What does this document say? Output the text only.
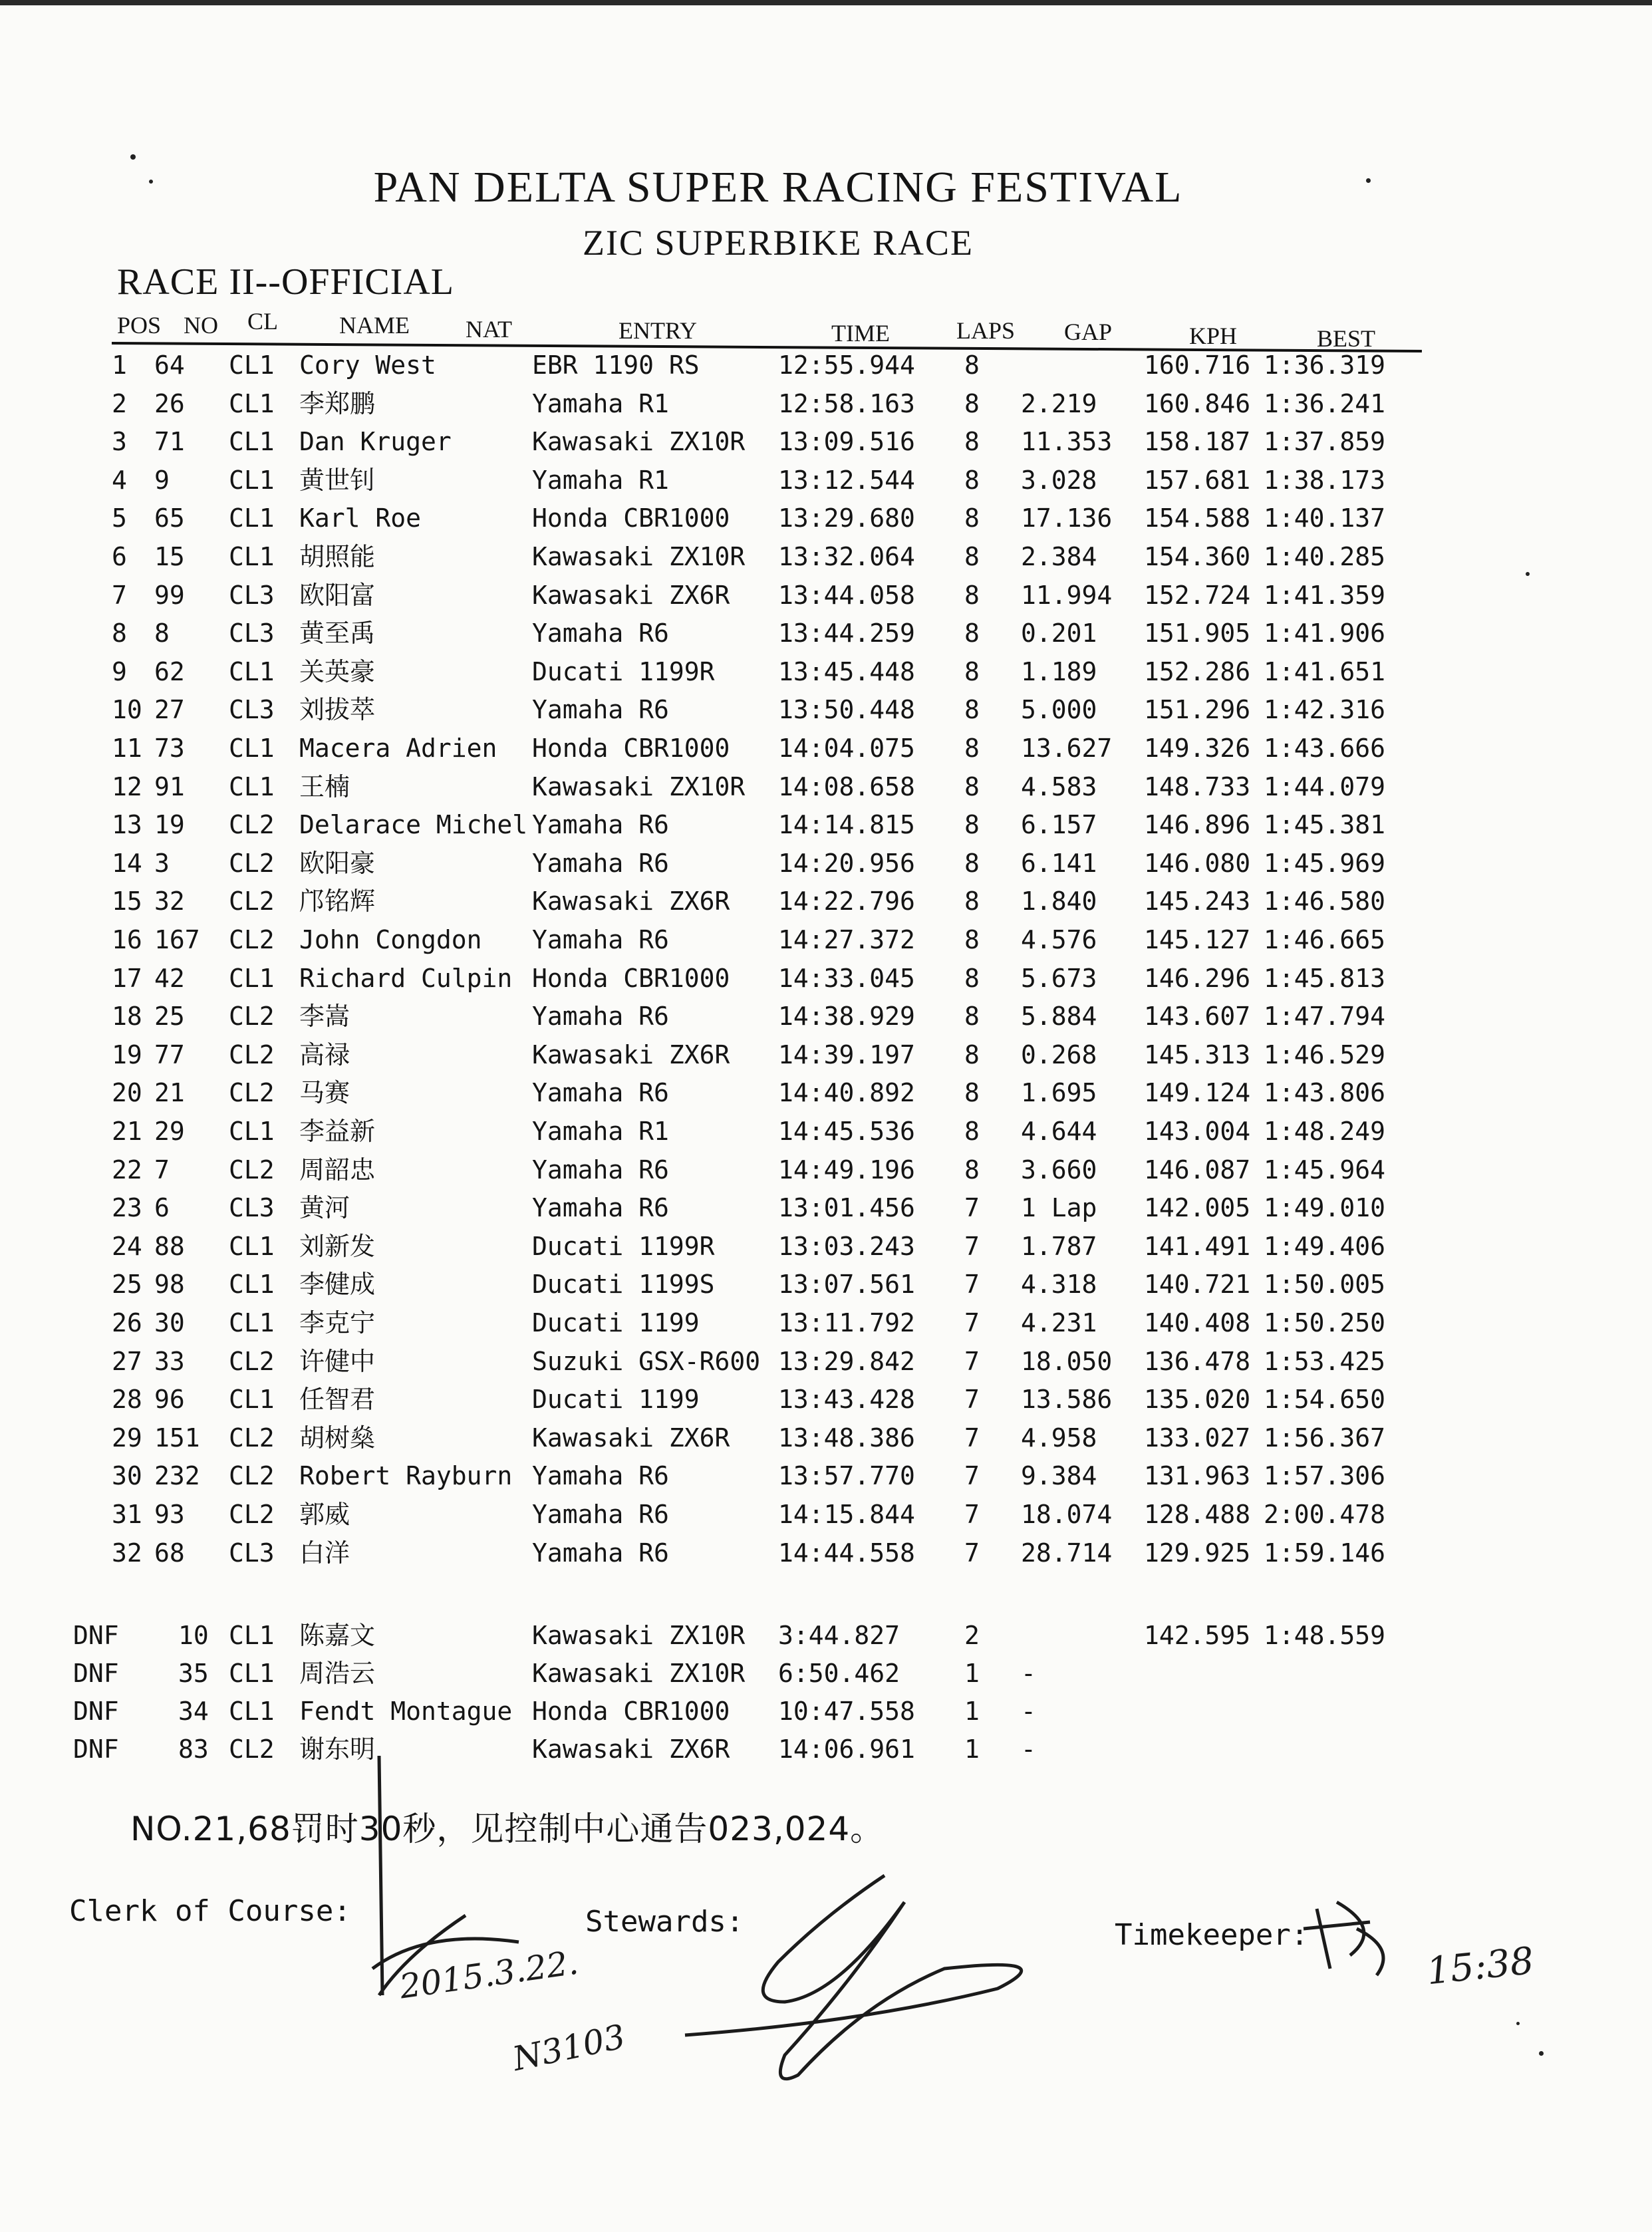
PAN DELTA SUPER RACING FESTIVAL
ZIC SUPERBIKE RACE
RACE II--OFFICIAL
POS NO CL	NAME NAT	ENTRY	TIME	LAPS GAP	KPH	BEST
1 64 CL1 Cory West	EBR 1190 RS	12:55.944 8	160.716 1:36.319
2 26 CL1 李郑鹏	Yamaha R1	12:58.163 8 2.219 160.846 1:36.241
3 71 CL1 Dan Kruger	Kawasaki ZX10R 13:09.516 8 11.353 158.187 1:37.859
4 9 CL1 黄世钊	Yamaha R1	13:12.544 8 3.028 157.681 1:38.173
5 65 CL1 Karl Roe	Honda CBR1000 13:29.680 8 17.136 154.588 1:40.137
6 15 CL1 胡照能	Kawasaki ZX10R 13:32.064 8 2.384 154.360 1:40.285
7 99 CL3 欧阳富	Kawasaki ZX6R 13:44.058 8 11.994 152.724 1:41.359
8 8 CL3 黄至禹	Yamaha R6	13:44.259 8 0.201 151.905 1:41.906
9 62 CL1 关英豪	Ducati 1199R	13:45.448 8 1.189 152.286 1:41.651
10 27 CL3 刘拔萃	Yamaha R6	13:50.448 8 5.000 151.296 1:42.316
11 73 CL1 Macera Adrien Honda CBR1000 14:04.075 8 13.627 149.326 1:43.666
12 91 CL1 王楠	Kawasaki ZX10R 14:08.658 8 4.583 148.733 1:44.079
13 19 CL2 Delarace Michel Yamaha R6	14:14.815 8 6.157 146.896 1:45.381
14 3 CL2 欧阳豪	Yamaha R6	14:20.956 8 6.141 146.080 1:45.969
15 32 CL2 邝铭辉	Kawasaki ZX6R 14:22.796 8 1.840 145.243 1:46.580
16 167 CL2 John Congdon Yamaha R6	14:27.372 8 4.576 145.127 1:46.665
17 42 CL1 Richard Culpin Honda CBR1000 14:33.045 8 5.673 146.296 1:45.813
18 25 CL2 李嵩	Yamaha R6	14:38.929 8 5.884 143.607 1:47.794
19 77 CL2 高禄	Kawasaki ZX6R 14:39.197 8 0.268 145.313 1:46.529
20 21 CL2 马赛	Yamaha R6	14:40.892 8 1.695 149.124 1:43.806
21 29 CL1 李益新	Yamaha R1	14:45.536 8 4.644 143.004 1:48.249
22 7 CL2 周韶忠	Yamaha R6	14:49.196 8 3.660 146.087 1:45.964
23 6 CL3 黄河	Yamaha R6	13:01.456 7 1 Lap 142.005 1:49.010
24 88 CL1 刘新发	Ducati 1199R	13:03.243 7 1.787 141.491 1:49.406
25 98 CL1 李健成	Ducati 1199S	13:07.561 7 4.318 140.721 1:50.005
26 30 CL1 李克宁	Ducati 1199	13:11.792 7 4.231 140.408 1:50.250
27 33 CL2 许健中	Suzuki GSX-R600 13:29.842 7 18.050 136.478 1:53.425
28 96 CL1 任智君	Ducati 1199	13:43.428 7 13.586 135.020 1:54.650
29 151 CL2 胡树燊	Kawasaki ZX6R 13:48.386 7 4.958 133.027 1:56.367
30 232 CL2 Robert Rayburn Yamaha R6	13:57.770 7 9.384 131.963 1:57.306
31 93 CL2 郭威	Yamaha R6	14:15.844 7 18.074 128.488 2:00.478
32 68 CL3 白洋	Yamaha R6	14:44.558 7 28.714 129.925 1:59.146
DNF 10 CL1 陈嘉文	Kawasaki ZX10R 3:44.827	2	142.595 1:48.559
DNF 35 CL1 周浩云	Kawasaki ZX10R 6:50.462	1 -
DNF 34 CL1 Fendt Montague Honda CBR1000 10:47.558 1 -
DNF 83 CL2 谢东明	Kawasaki ZX6R 14:06.961 1 -
NO.21,68罚时30秒，见控制中心通告023,024。
Clerk of Course:	Stewards:	Timekeeper:
15:38
2015.3.22.
N3103
